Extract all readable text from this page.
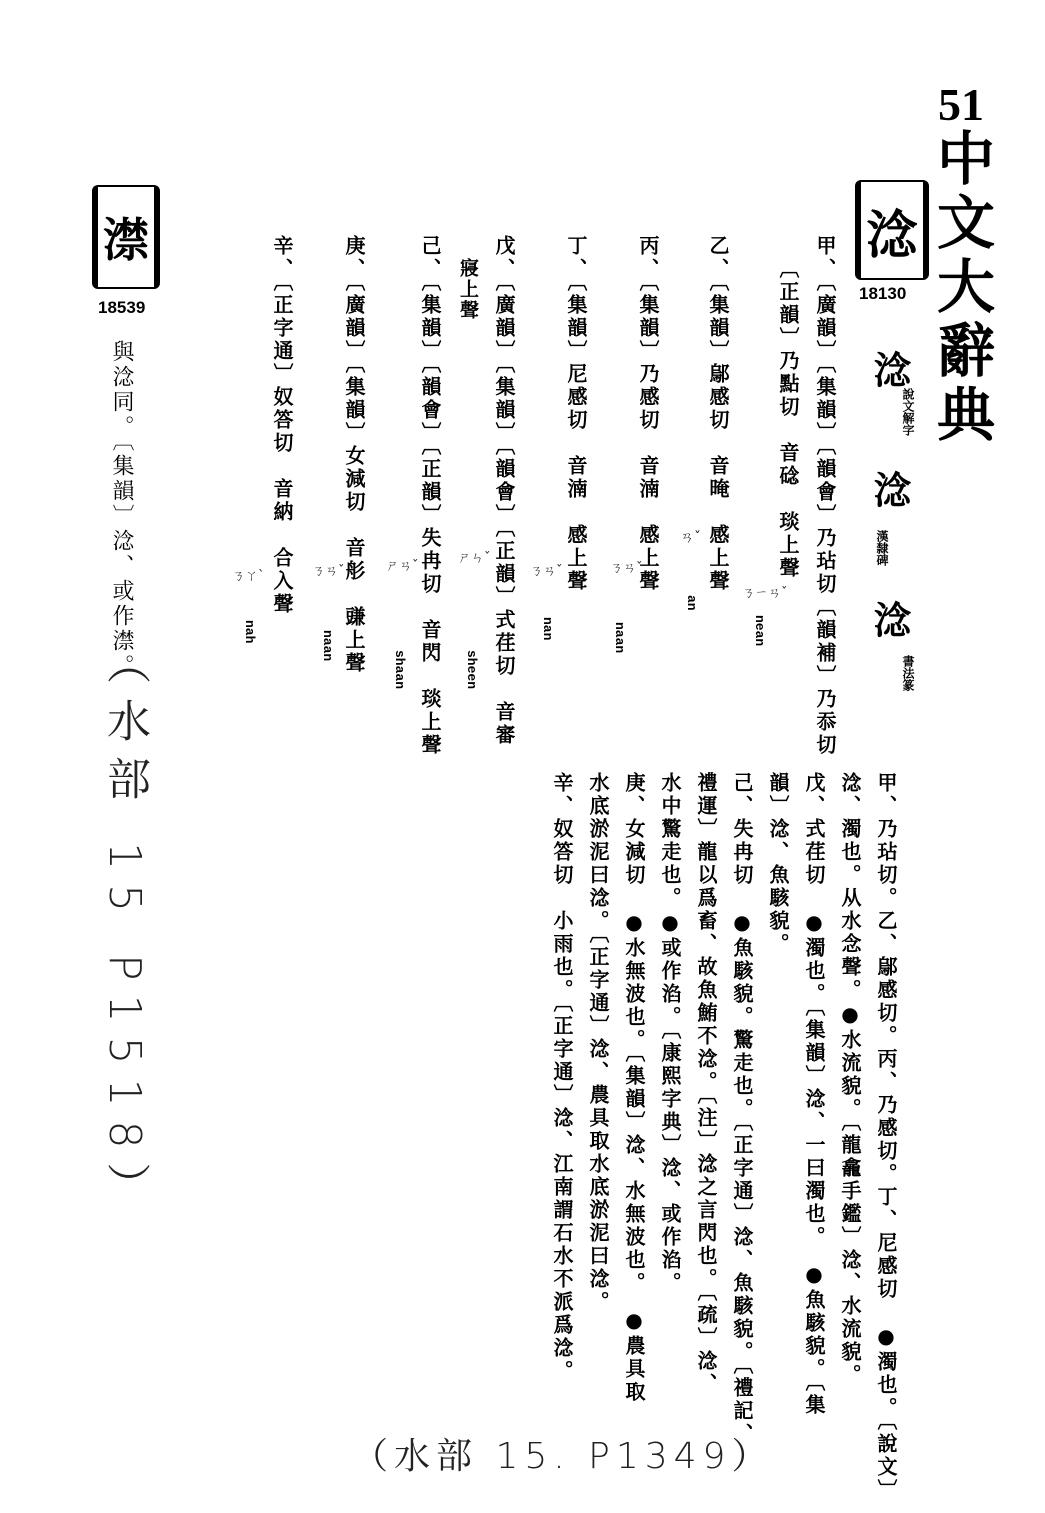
51
中文大辭典
淰
18130
淰
說文解字
淰
漢隸碑
淰
書法篆
甲、〔廣韻〕〔集韻〕〔韻會〕乃玷切〔韻補〕乃忝切
〔正韻〕乃點切　音䂼　琰上聲
乙、〔集韻〕鄔感切　音晻　感上聲
丙、〔集韻〕乃感切　音湳　感上聲
丁、〔集韻〕尼感切　音湳　感上聲
戊、〔廣韻〕〔集韻〕〔韻會〕〔正韻〕式荏切　音審
寢上聲
己、〔集韻〕〔韻會〕〔正韻〕失冉切　音閃　琰上聲
庚、〔廣韻〕〔集韻〕女減切　音䑣　豏上聲
辛、〔正字通〕奴答切　音納　合入聲
nean
an
naan
nan
sheen
shaan
naan
nah
ㄋㄧㄢˇ
ㄢˇ
ㄋㄢˇ
ㄋㄢˇ
ㄕㄣˇ
ㄕㄢˇ
ㄋㄢˇ
ㄋㄚˋ
甲、乃玷切。乙、鄔感切。丙、乃感切。丁、尼感切　●濁也。〔說文〕
淰、濁也。从水念聲。●水流貌。〔龍龕手鑑〕淰、水流貌。
戊、式荏切　●濁也。〔集韻〕淰、一曰濁也。　●魚駭貌。〔集
韻〕淰、魚駭貌。
己、失冉切　●魚駭貌。驚走也。〔正字通〕淰、魚駭貌。〔禮記、
禮運〕龍以爲畜、故魚鮪不淰。〔注〕淰之言閃也。〔疏〕淰、
水中驚走也。●或作淊。〔康熙字典〕淰、或作淊。
庚、女減切　●水無波也。〔集韻〕淰、水無波也。　●農具取
水底淤泥曰淰。〔正字通〕淰、農具取水底淤泥曰淰。
辛、奴答切　小雨也。〔正字通〕淰、江南謂石水不派爲淰。
澿
18539
與淰同。〔集韻〕淰、或作澿。
（水部 15 P1518）
（水部 15. P1349）
